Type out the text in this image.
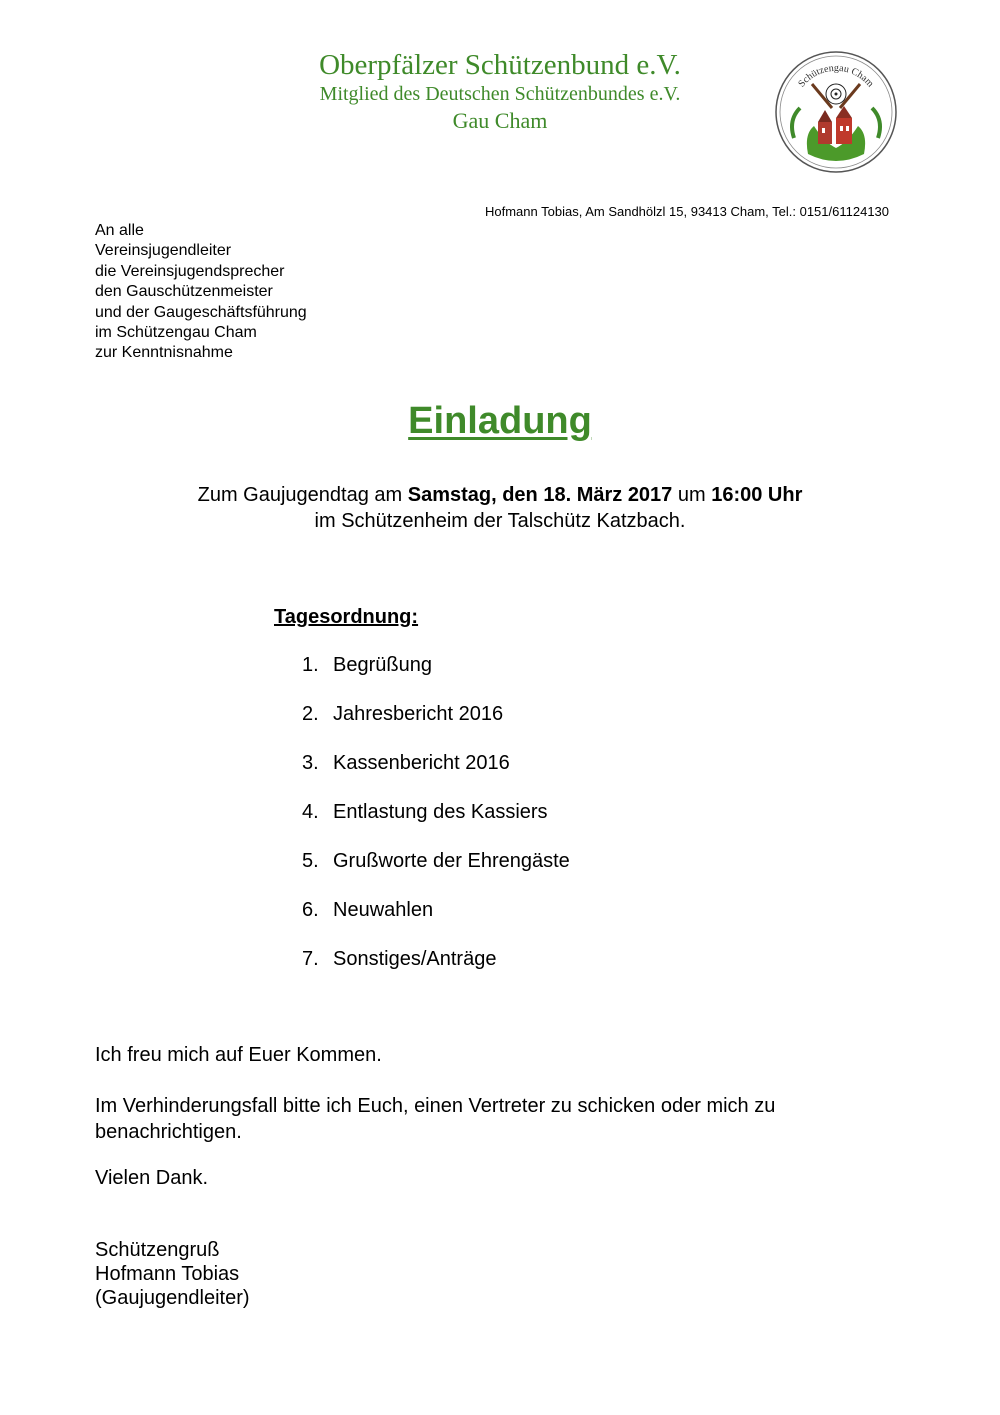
Oberpfälzer Schützenbund e.V.
Mitglied des Deutschen Schützenbundes e.V.
Gau Cham
Schützengau Cham
Hofmann Tobias, Am Sandhölzl 15, 93413 Cham, Tel.: 0151/61124130
An alle
Vereinsjugendleiter
die Vereinsjugendsprecher
den Gauschützenmeister
und der Gaugeschäftsführung
im Schützengau Cham
zur Kenntnisnahme
Einladung
Zum Gaujugendtag am Samstag, den 18. März 2017 um 16:00 Uhr
im Schützenheim der Talschütz Katzbach.
Tagesordnung:
1. Begrüßung
2. Jahresbericht 2016
3. Kassenbericht 2016
4. Entlastung des Kassiers
5. Grußworte der Ehrengäste
6. Neuwahlen
7. Sonstiges/Anträge
Ich freu mich auf Euer Kommen.
Im Verhinderungsfall bitte ich Euch, einen Vertreter zu schicken oder mich zu benachrichtigen.
Vielen Dank.
Schützengruß
Hofmann Tobias
(Gaujugendleiter)
